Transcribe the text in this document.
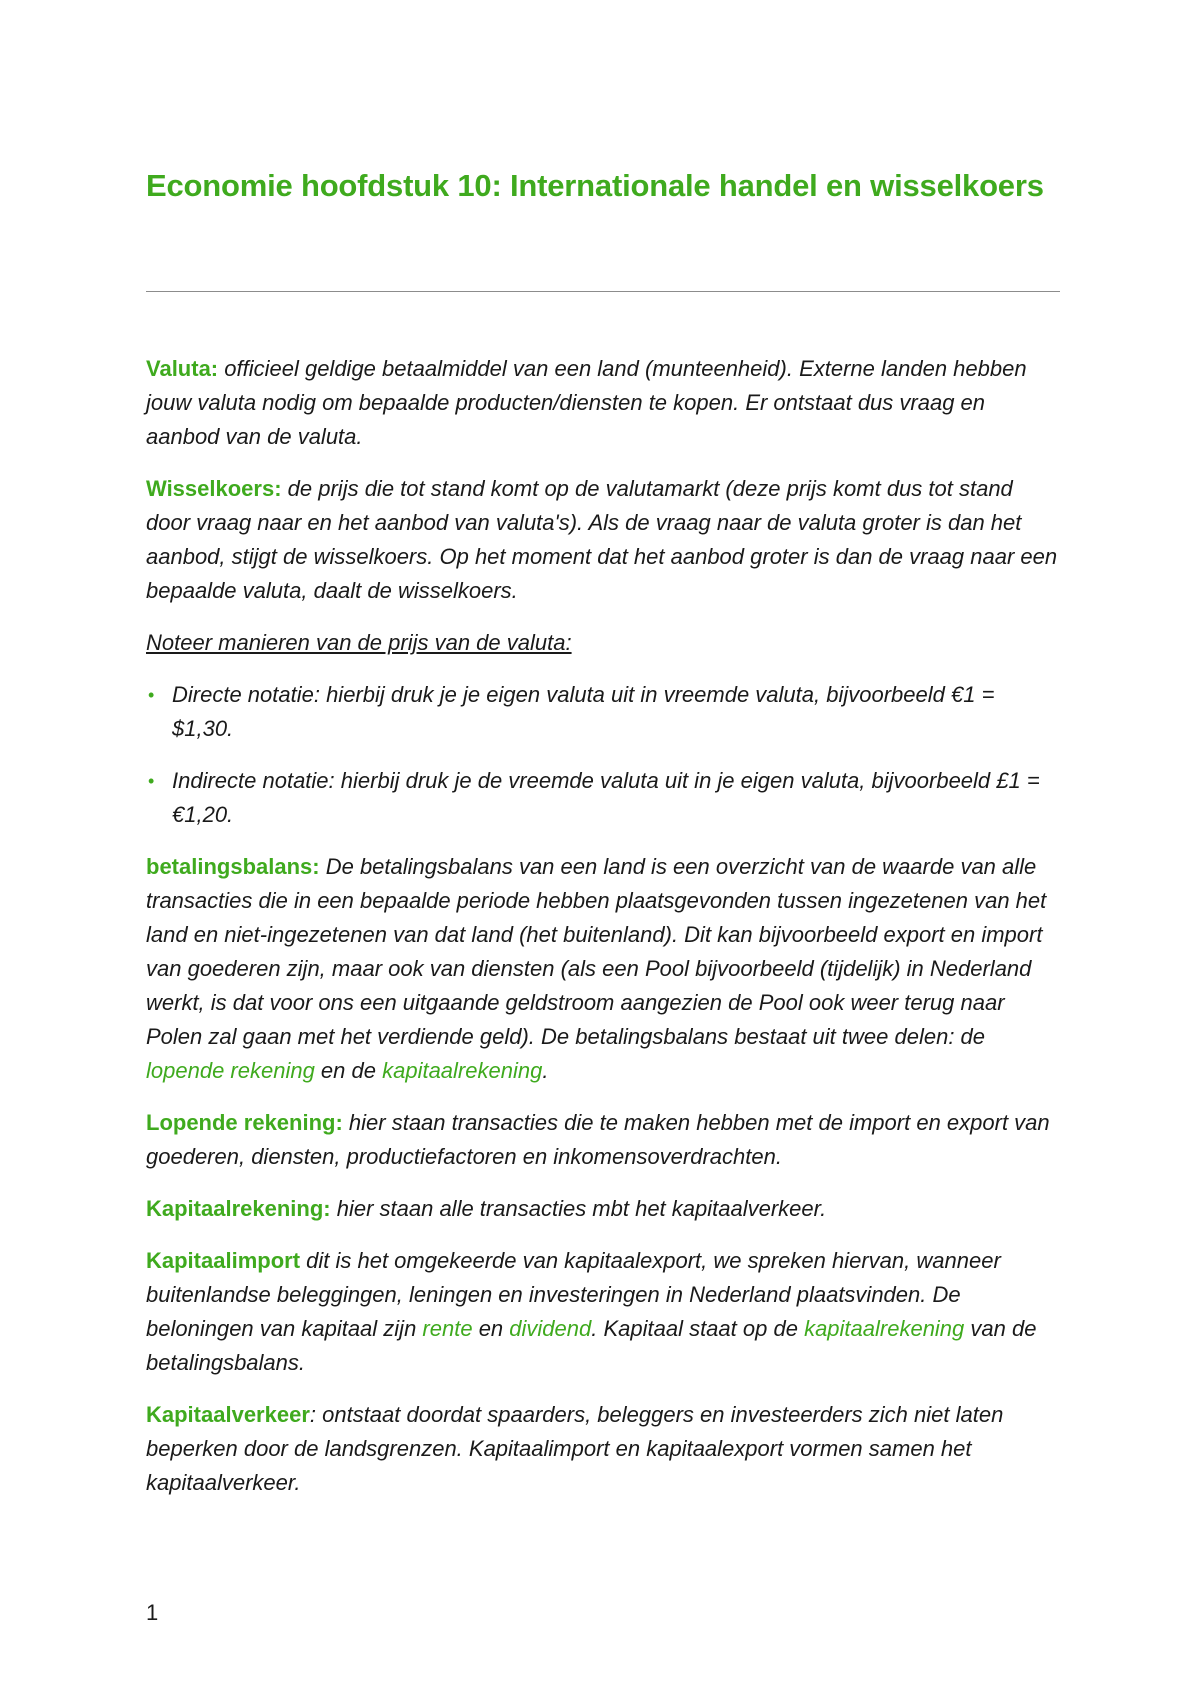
Economie hoofdstuk 10: Internationale handel en wisselkoers

Valuta: officieel geldige betaalmiddel van een land (munteenheid). Externe landen hebben jouw valuta nodig om bepaalde producten/diensten te kopen. Er ontstaat dus vraag en aanbod van de valuta.

Wisselkoers: de prijs die tot stand komt op de valutamarkt (deze prijs komt dus tot stand door vraag naar en het aanbod van valuta's). Als de vraag naar de valuta groter is dan het aanbod, stijgt de wisselkoers. Op het moment dat het aanbod groter is dan de vraag naar een bepaalde valuta, daalt de wisselkoers.

Noteer manieren van de prijs van de valuta:

• Directe notatie: hierbij druk je je eigen valuta uit in vreemde valuta, bijvoorbeeld €1 = $1,30.
• Indirecte notatie: hierbij druk je de vreemde valuta uit in je eigen valuta, bijvoorbeeld £1 = €1,20.

betalingsbalans: De betalingsbalans van een land is een overzicht van de waarde van alle transacties die in een bepaalde periode hebben plaatsgevonden tussen ingezetenen van het land en niet-ingezetenen van dat land (het buitenland). Dit kan bijvoorbeeld export en import van goederen zijn, maar ook van diensten (als een Pool bijvoorbeeld (tijdelijk) in Nederland werkt, is dat voor ons een uitgaande geldstroom aangezien de Pool ook weer terug naar Polen zal gaan met het verdiende geld). De betalingsbalans bestaat uit twee delen: de lopende rekening en de kapitaalrekening.

Lopende rekening: hier staan transacties die te maken hebben met de import en export van goederen, diensten, productiefactoren en inkomensoverdrachten.

Kapitaalrekening: hier staan alle transacties mbt het kapitaalverkeer.

Kapitaalimport dit is het omgekeerde van kapitaalexport, we spreken hiervan, wanneer buitenlandse beleggingen, leningen en investeringen in Nederland plaatsvinden. De beloningen van kapitaal zijn rente en dividend. Kapitaal staat op de kapitaalrekening van de betalingsbalans.

Kapitaalverkeer: ontstaat doordat spaarders, beleggers en investeerders zich niet laten beperken door de landsgrenzen. Kapitaalimport en kapitaalexport vormen samen het kapitaalverkeer.

1
